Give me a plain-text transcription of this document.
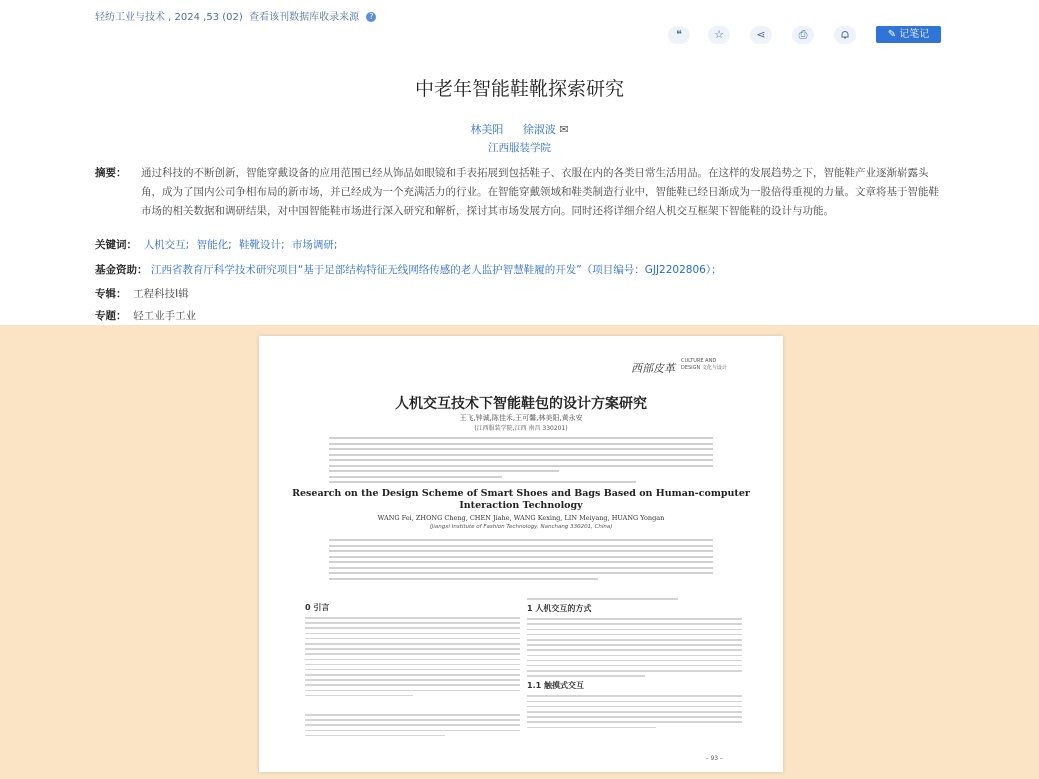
轻纺工业与技术 , 2024 ,53 (02) 查看该刊数据库收录来源 ?
❝	☆	⋖	⎙	✎ 记笔记
中老年智能鞋靴探索研究
林美阳 徐淑波 ✉
江西服装学院
摘要： 通过科技的不断创新，智能穿戴设备的应用范围已经从饰品如眼镜和手表拓展到包括鞋子、衣服在内的各类日常生活用品。在这样的发展趋势之下，智能鞋产业逐渐崭露头角，成为了国内公司争相布局的新市场，并已经成为一个充满活力的行业。在智能穿戴领域和鞋类制造行业中，智能鞋已经日渐成为一股倍得重视的力量。文章将基于智能鞋市场的相关数据和调研结果，对中国智能鞋市场进行深入研究和解析，探讨其市场发展方向。同时还将详细介绍人机交互框架下智能鞋的设计与功能。
关键词： 人机交互; 智能化; 鞋靴设计; 市场调研;
基金资助： 江西省教育厅科学技术研究项目“基于足部结构特征无线网络传感的老人监护智慧鞋履的开发”（项目编号：GJJ2202806）；
专辑： 工程科技Ⅰ辑
专题： 轻工业手工业
西部皮革
CULTURE AND DESIGN 文化与设计
人机交互技术下智能鞋包的设计方案研究
王飞,钟诚,陈佳禾,王可馨,林美阳,黄永安
(江西服装学院,江西 南昌 330201)
Research on the Design Scheme of Smart Shoes and Bags Based on Human-computer Interaction Technology
WANG Fei, ZHONG Cheng, CHEN Jiahe, WANG Kexing, LIN Meiyang, HUANG Yongan
(Jiangxi Institute of Fashion Technology, Nanchang 330201, China)
0 引言	1 人机交互的方式
1.1 触摸式交互
– 93 –
